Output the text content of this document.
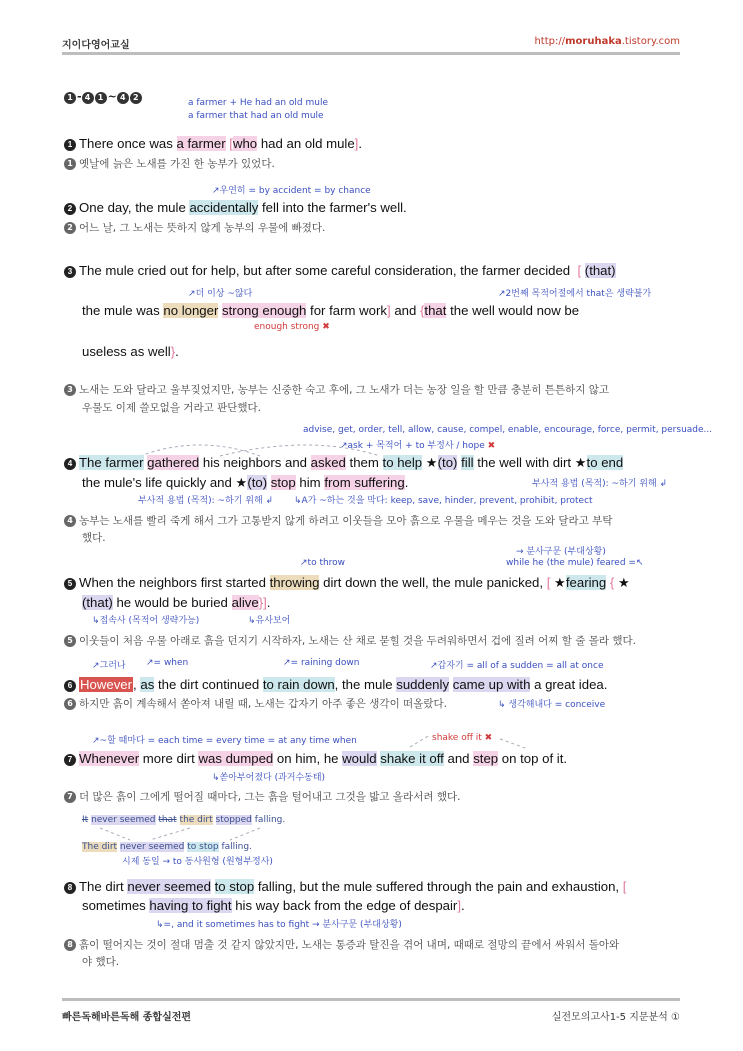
지이다영어교실	http://moruhaka.tistory.com
1 - 4 1 ~ 4 2
a farmer + He had an old mule
a farmer that had an old mule
1 There once was a farmer [who had an old mule].
1 옛날에 늙은 노새를 가진 한 농부가 있었다.
↗우연히 = by accident = by chance
2 One day, the mule accidentally fell into the farmer's well.
2 어느 날, 그 노새는 뜻하지 않게 농부의 우물에 빠졌다.
3 The mule cried out for help, but after some careful consideration, the farmer decided  [ (that)
↗더 이상 ~않다	↗2번째 목적어절에서 that은 생략불가
the mule was no longer strong enough for farm work] and {that the well would now be
enough strong ✖
useless as well}.
3 노새는 도와 달라고 울부짖었지만, 농부는 신중한 숙고 후에, 그 노새가 더는 농장 일을 할 만큼 충분히 튼튼하지 않고
우물도 이제 쓸모없을 거라고 판단했다.
advise, get, order, tell, allow, cause, compel, enable, encourage, force, permit, persuade...
↗ask + 목적어 + to 부정사 / hope ✖
4 The farmer gathered his neighbors and asked them to help ★(to) fill the well with dirt ★to end
부사적 용법 (목적): ~하기 위해 ↲
the mule's life quickly and ★(to) stop him from suffering.
부사적 용법 (목적): ~하기 위해 ↲ ↳A가 ~하는 것을 막다: keep, save, hinder, prevent, prohibit, protect
4 농부는 노새를 빨리 죽게 해서 그가 고통받지 않게 하려고 이웃들을 모아 흙으로 우물을 메우는 것을 도와 달라고 부탁
했다.
→ 분사구문 (부대상황)
↗to throw	while he (the mule) feared =↖
5 When the neighbors first started throwing dirt down the well, the mule panicked, [ ★fearing { ★
(that) he would be buried alive}].
↳접속사 (목적어 생략가능)	↳유사보어
5 이웃들이 처음 우물 아래로 흙을 던지기 시작하자, 노새는 산 채로 묻힐 것을 두려워하면서 겁에 질려 어찌 할 줄 몰라 했다.
↗그러나 ↗= when	↗= raining down	↗갑자기 = all of a sudden = all at once
6 However, as the dirt continued to rain down, the mule suddenly came up with a great idea.
6 하지만 흙이 계속해서 쏟아져 내릴 때, 노새는 갑자기 아주 좋은 생각이 떠올랐다.	↳ 생각해내다 = conceive
↗~할 때마다 = each time = every time = at any time when	shake off it ✖
7 Whenever more dirt was dumped on him, he would shake it off and step on top of it.
↳쏟아부어졌다 (과거수동태)
7 더 많은 흙이 그에게 떨어질 때마다, 그는 흙을 털어내고 그것을 밟고 올라서려 했다.
It never seemed that the dirt stopped falling.
The dirt never seemed to stop falling.
시제 동일 → to 동사원형 (원형부정사)
8 The dirt never seemed to stop falling, but the mule suffered through the pain and exhaustion, [
sometimes having to fight his way back from the edge of despair].
↳=, and it sometimes has to fight → 분사구문 (부대상황)
8 흙이 떨어지는 것이 절대 멈출 것 같지 않았지만, 노새는 통증과 탈진을 겪어 내며, 때때로 절망의 끝에서 싸워서 돌아와
야 했다.
빠른독해바른독해 종합실전편	실전모의고사1-5 지문분석 ①
